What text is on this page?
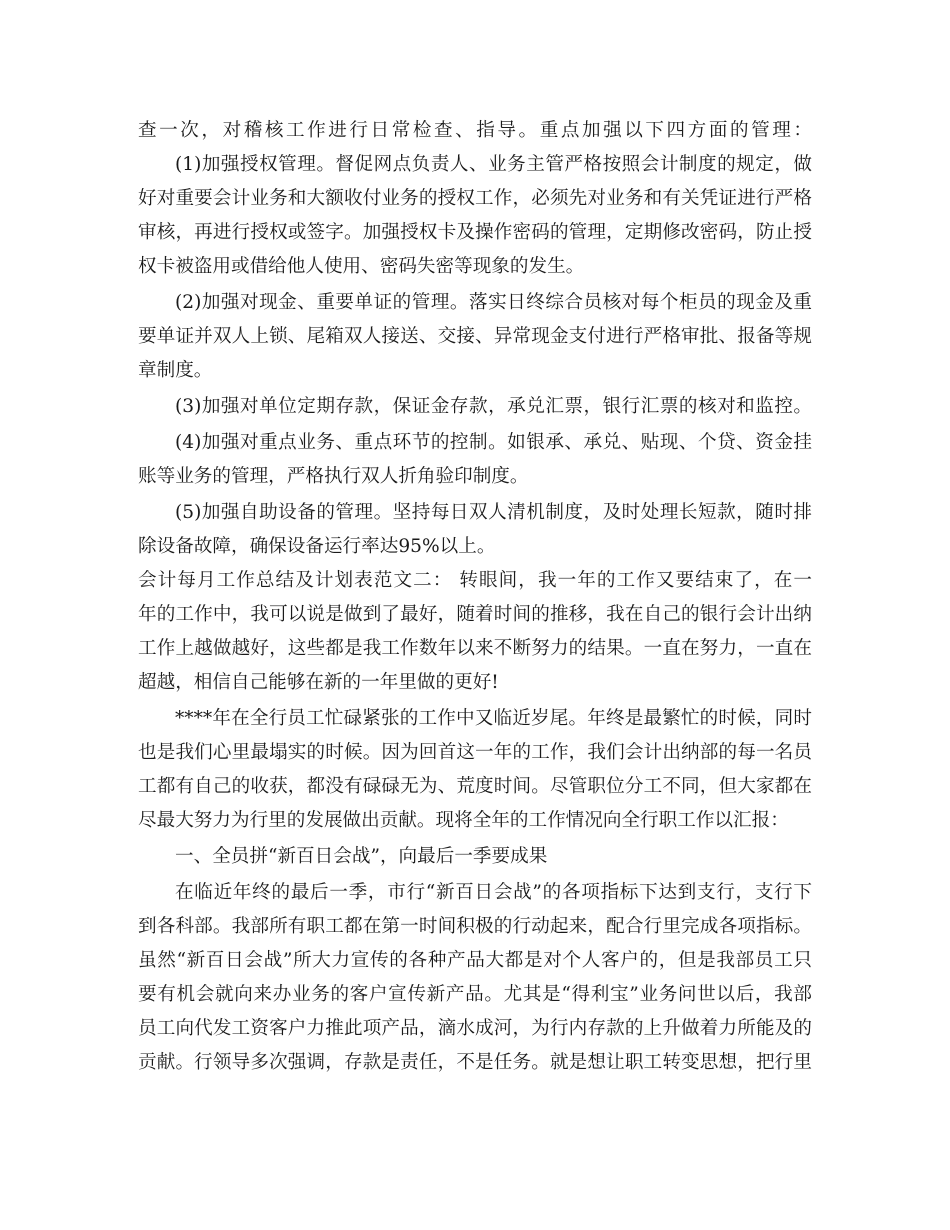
查一次，对稽核工作进行日常检查、指导。重点加强以下四方面的管理：
(1)加强授权管理。督促网点负责人、业务主管严格按照会计制度的规定，做
好对重要会计业务和大额收付业务的授权工作，必须先对业务和有关凭证进行严格
审核，再进行授权或签字。加强授权卡及操作密码的管理，定期修改密码，防止授
权卡被盗用或借给他人使用、密码失密等现象的发生。
(2)加强对现金、重要单证的管理。落实日终综合员核对每个柜员的现金及重
要单证并双人上锁、尾箱双人接送、交接、异常现金支付进行严格审批、报备等规
章制度。
(3)加强对单位定期存款，保证金存款，承兑汇票，银行汇票的核对和监控。
(4)加强对重点业务、重点环节的控制。如银承、承兑、贴现、个贷、资金挂
账等业务的管理，严格执行双人折角验印制度。
(5)加强自助设备的管理。坚持每日双人清机制度，及时处理长短款，随时排
除设备故障，确保设备运行率达95%以上。
会计每月工作总结及计划表范文二： 转眼间，我一年的工作又要结束了，在一
年的工作中，我可以说是做到了最好，随着时间的推移，我在自己的银行会计出纳
工作上越做越好，这些都是我工作数年以来不断努力的结果。一直在努力，一直在
超越，相信自己能够在新的一年里做的更好!
****年在全行员工忙碌紧张的工作中又临近岁尾。年终是最繁忙的时候，同时
也是我们心里最塌实的时候。因为回首这一年的工作，我们会计出纳部的每一名员
工都有自己的收获，都没有碌碌无为、荒度时间。尽管职位分工不同，但大家都在
尽最大努力为行里的发展做出贡献。现将全年的工作情况向全行职工作以汇报：
一、全员拼“新百日会战”，向最后一季要成果
在临近年终的最后一季，市行“新百日会战”的各项指标下达到支行，支行下
到各科部。我部所有职工都在第一时间积极的行动起来，配合行里完成各项指标。
虽然“新百日会战”所大力宣传的各种产品大都是对个人客户的，但是我部员工只
要有机会就向来办业务的客户宣传新产品。尤其是“得利宝”业务问世以后，我部
员工向代发工资客户力推此项产品，滴水成河，为行内存款的上升做着力所能及的
贡献。行领导多次强调，存款是责任，不是任务。就是想让职工转变思想，把行里
